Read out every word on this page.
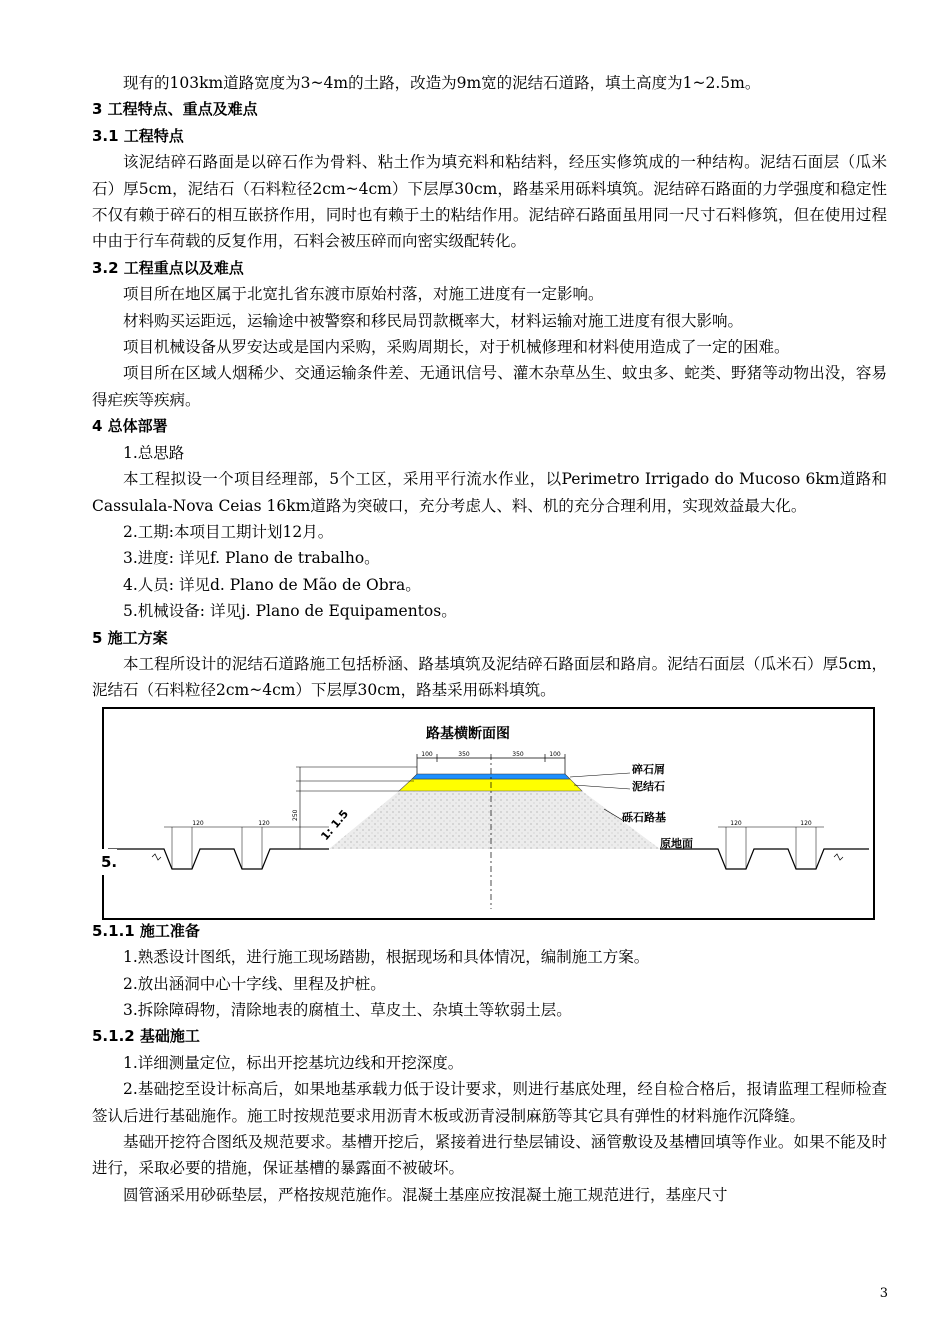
现有的103km道路宽度为3~4m的土路，改造为9m宽的泥结石道路，填土高度为1~2.5m。

3 工程特点、重点及难点

3.1 工程特点

该泥结碎石路面是以碎石作为骨料、粘土作为填充料和粘结料，经压实修筑成的一种结构。泥结石面层（瓜米石）厚5cm，泥结石（石料粒径2cm~4cm）下层厚30cm，路基采用砾料填筑。泥结碎石路面的力学强度和稳定性不仅有赖于碎石的相互嵌挤作用，同时也有赖于土的粘结作用。泥结碎石路面虽用同一尺寸石料修筑，但在使用过程中由于行车荷载的反复作用，石料会被压碎而向密实级配转化。

3.2 工程重点以及难点

项目所在地区属于北宽扎省东渡市原始村落，对施工进度有一定影响。

材料购买运距远，运输途中被警察和移民局罚款概率大，材料运输对施工进度有很大影响。

项目机械设备从罗安达或是国内采购，采购周期长，对于机械修理和材料使用造成了一定的困难。

项目所在区域人烟稀少、交通运输条件差、无通讯信号、灌木杂草丛生、蚊虫多、蛇类、野猪等动物出没，容易得疟疾等疾病。

4 总体部署

1.总思路

本工程拟设一个项目经理部，5个工区，采用平行流水作业，以Perimetro Irrigado do Mucoso 6km道路和Cassulala-Nova Ceias 16km道路为突破口，充分考虑人、料、机的充分合理利用，实现效益最大化。

2.工期:本项目工期计划12月。

3.进度: 详见f. Plano de trabalho。

4.人员: 详见d. Plano de Mão de Obra。

5.机械设备: 详见j. Plano de Equipamentos。

5 施工方案

本工程所设计的泥结石道路施工包括桥涵、路基填筑及泥结碎石路面层和路肩。泥结石面层（瓜米石）厚5cm，泥结石（石料粒径2cm~4cm）下层厚30cm，路基采用砾料填筑。

路基横断面图
100	350	350	100
250 1: 1.5
120	120	120	120
碎石屑
泥结石
砾石路基
原地面
5.

5.1.1 施工准备

1.熟悉设计图纸，进行施工现场踏勘，根据现场和具体情况，编制施工方案。

2.放出涵洞中心十字线、里程及护桩。

3.拆除障碍物，清除地表的腐植土、草皮土、杂填土等软弱土层。

5.1.2 基础施工

1.详细测量定位，标出开挖基坑边线和开挖深度。

2.基础挖至设计标高后，如果地基承载力低于设计要求，则进行基底处理，经自检合格后，报请监理工程师检查签认后进行基础施作。施工时按规范要求用沥青木板或沥青浸制麻筋等其它具有弹性的材料施作沉降缝。

基础开挖符合图纸及规范要求。基槽开挖后，紧接着进行垫层铺设、涵管敷设及基槽回填等作业。如果不能及时进行，采取必要的措施，保证基槽的暴露面不被破坏。

圆管涵采用砂砾垫层，严格按规范施作。混凝土基座应按混凝土施工规范进行，基座尺寸

3
